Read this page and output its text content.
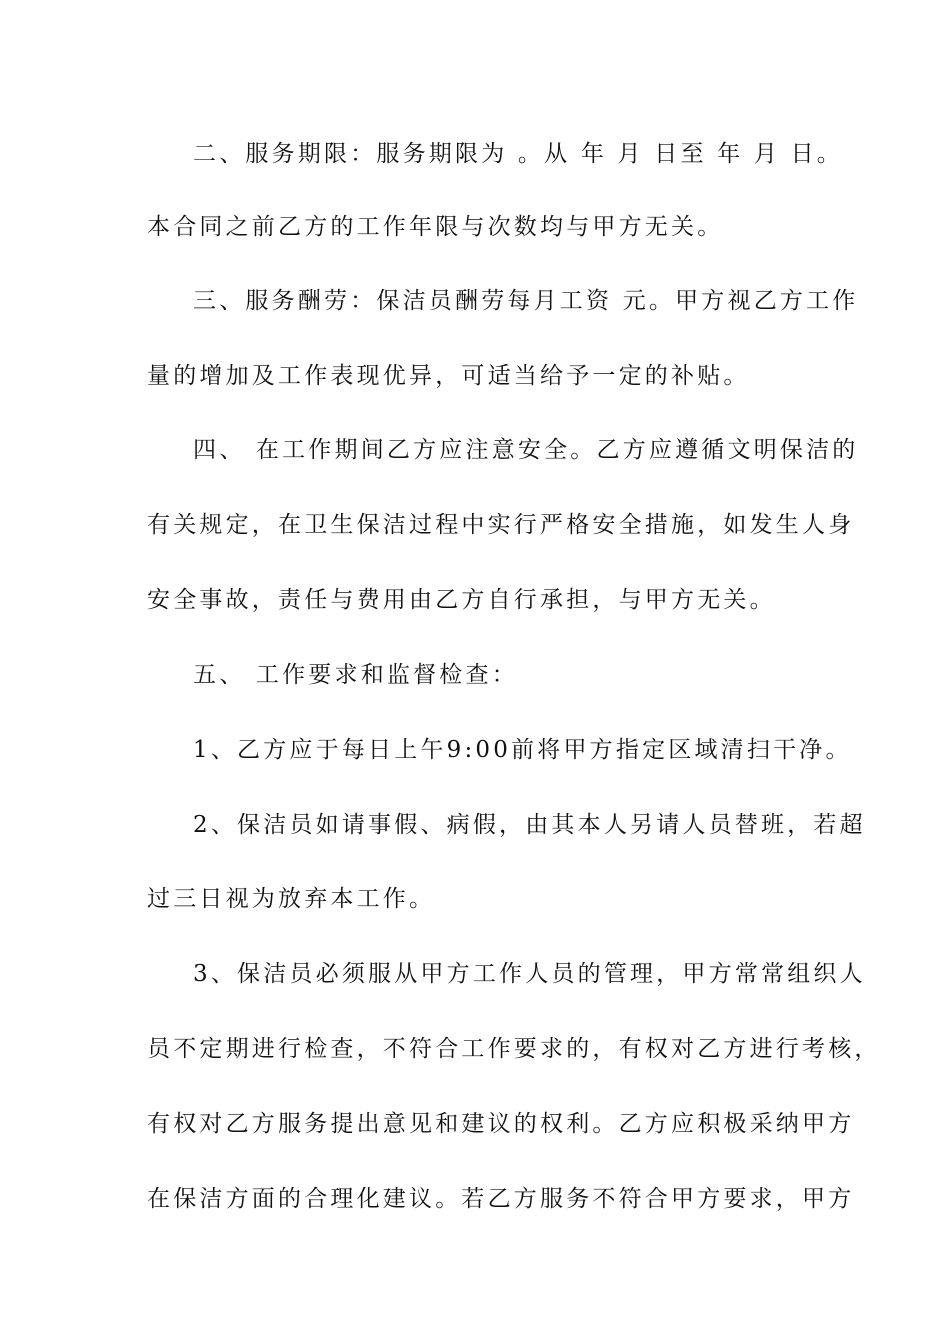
二、服务期限：服务期限为 。从 年 月 日至 年 月 日。
本合同之前乙方的工作年限与次数均与甲方无关。
三、服务酬劳：保洁员酬劳每月工资 元。甲方视乙方工作
量的增加及工作表现优异，可适当给予一定的补贴。
四、 在工作期间乙方应注意安全。乙方应遵循文明保洁的
有关规定，在卫生保洁过程中实行严格安全措施，如发生人身
安全事故，责任与费用由乙方自行承担，与甲方无关。
五、 工作要求和监督检查：
1、乙方应于每日上午9:00前将甲方指定区域清扫干净。
2、保洁员如请事假、病假，由其本人另请人员替班，若超
过三日视为放弃本工作。
3、保洁员必须服从甲方工作人员的管理，甲方常常组织人
员不定期进行检查，不符合工作要求的，有权对乙方进行考核，
有权对乙方服务提出意见和建议的权利。乙方应积极采纳甲方
在保洁方面的合理化建议。若乙方服务不符合甲方要求，甲方
